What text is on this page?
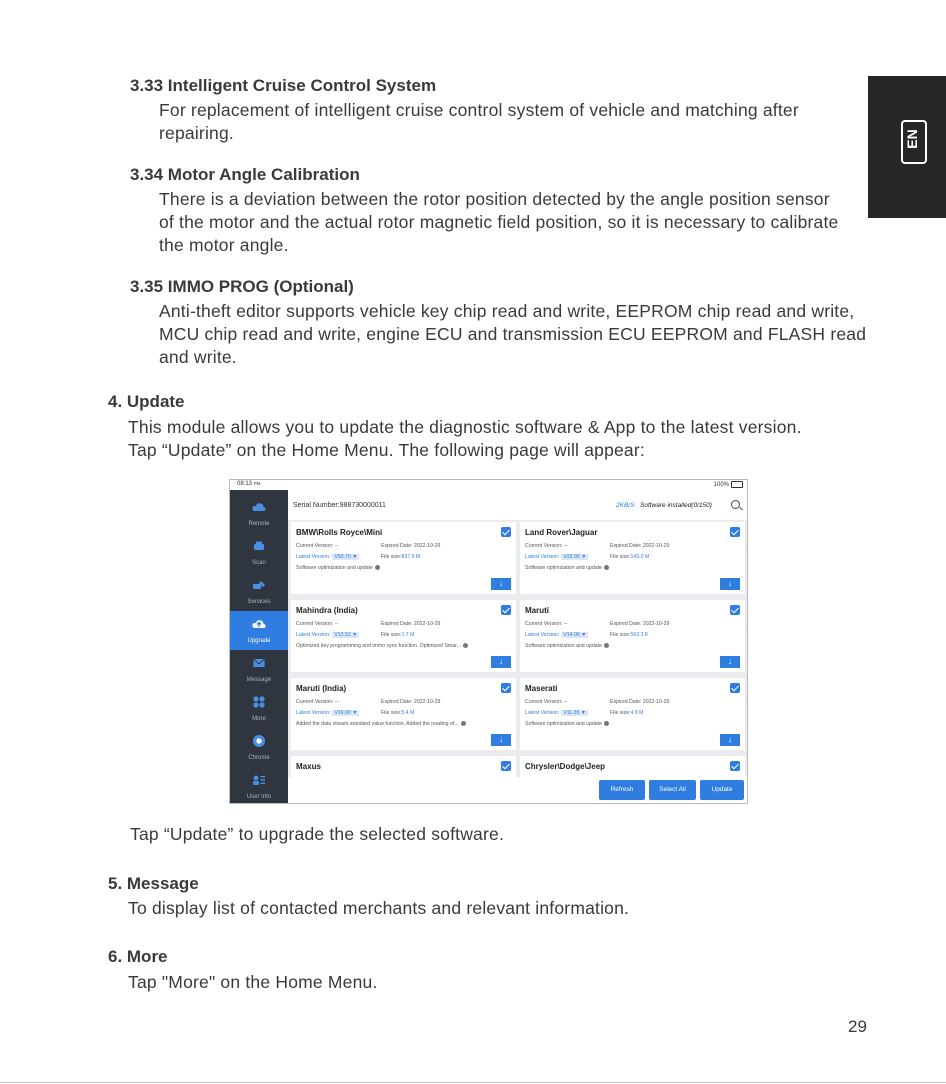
3.33 Intelligent Cruise Control System
For replacement of intelligent cruise control system of vehicle and matching after
repairing.
3.34 Motor Angle Calibration
There is a deviation between the rotor position detected by the angle position sensor
of the motor and the actual rotor magnetic field position, so it is necessary to calibrate
the motor angle.
3.35 IMMO PROG (Optional)
Anti-theft editor supports vehicle key chip read and write, EEPROM chip read and write,
MCU chip read and write, engine ECU and transmission ECU EEPROM and FLASH read
and write.
4. Update
This module allows you to update the diagnostic software & App to the latest version.
Tap “Update” on the Home Menu. The following page will appear:
08:13 PM	100%
Remote
Scan
Services
Upgrade
Message
More
Chrome
User Info
Serial Number:988730000011	2KB/S Software installed(0/150)
BMW\Rolls Royce\Mini
Current Version: --	Expired Date: 2022-10-29
Latest Version: V50.70 ▼	File size:837.9 M
Software optimization and update
↓
Land Rover\Jaguar
Current Version: --	Expired Date: 2022-10-29
Latest Version: V33.96 ▼	File size:143.0 M
Software optimization and update
↓
Mahindra (India)
Current Version: --	Expired Date: 2022-10-29
Latest Version: V13.52 ▼	File size:1.7 M
Optimized key programming and immo sync function. Optimized Smar...
↓
Maruti
Current Version: --	Expired Date: 2022-10-29
Latest Version: V14.06 ▼	File size:563.3 K
Software optimization and update
↓
Maruti (India)
Current Version: --	Expired Date: 2022-10-29
Latest Version: V16.90 ▼	File size:5.4 M
Added the data stream standard value function. Added the reading of...
↓
Maserati
Current Version: --	Expired Date: 2022-10-29
Latest Version: V11.35 ▼	File size:4.9 M
Software optimization and update
↓
Maxus	Chrysler\Dodge\Jeep
Refresh	Select All	Update
Tap “Update” to upgrade the selected software.
5. Message
To display list of contacted merchants and relevant information.
6. More
Tap "More" on the Home Menu.
EN
29
